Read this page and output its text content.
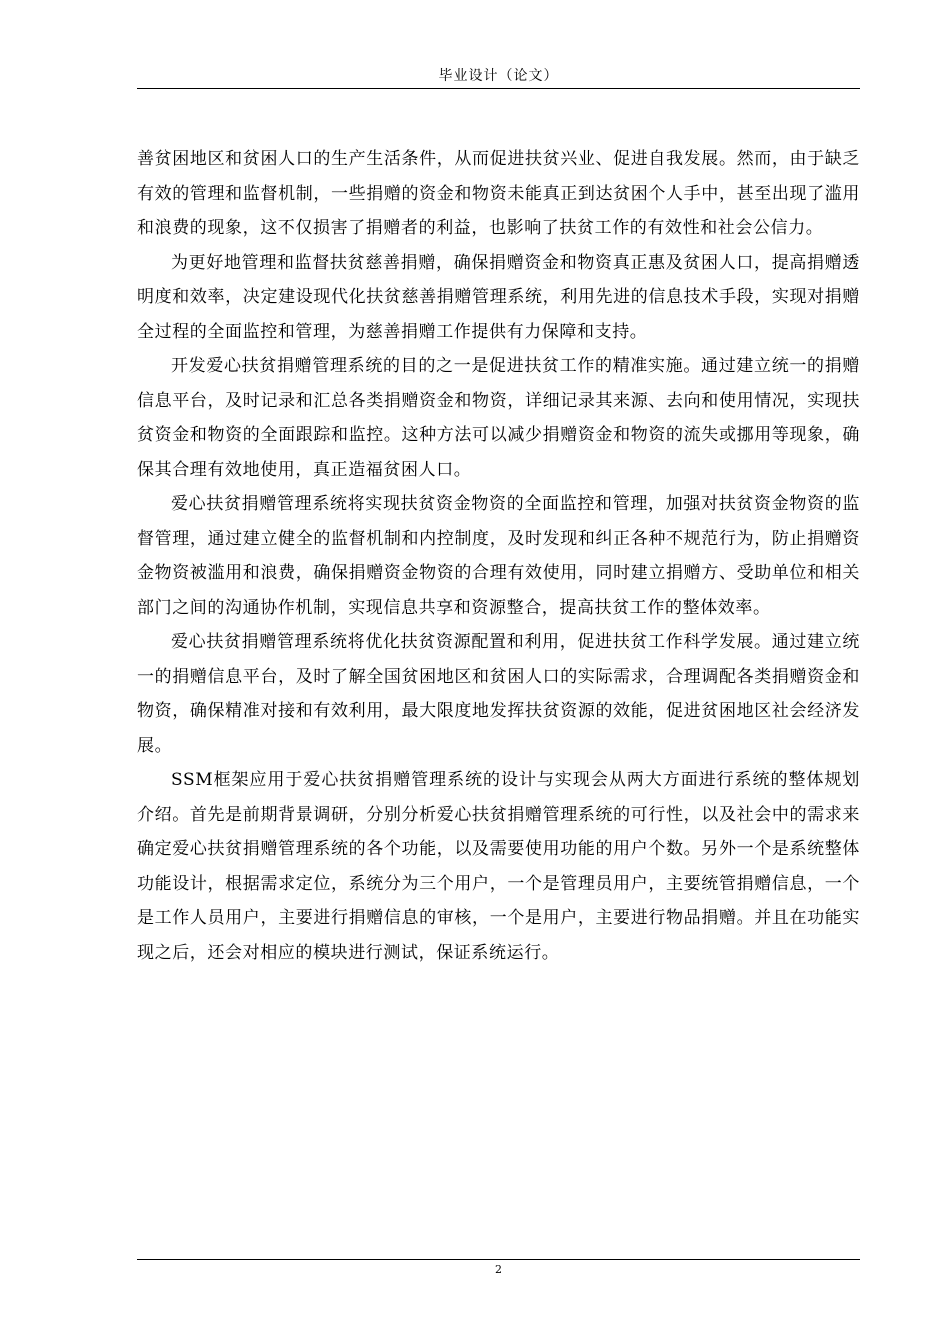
毕业设计（论文）

善贫困地区和贫困人口的生产生活条件，从而促进扶贫兴业、促进自我发展。然而，由于缺乏有效的管理和监督机制，一些捐赠的资金和物资未能真正到达贫困个人手中，甚至出现了滥用和浪费的现象，这不仅损害了捐赠者的利益，也影响了扶贫工作的有效性和社会公信力。

为更好地管理和监督扶贫慈善捐赠，确保捐赠资金和物资真正惠及贫困人口，提高捐赠透明度和效率，决定建设现代化扶贫慈善捐赠管理系统，利用先进的信息技术手段，实现对捐赠全过程的全面监控和管理，为慈善捐赠工作提供有力保障和支持。

开发爱心扶贫捐赠管理系统的目的之一是促进扶贫工作的精准实施。通过建立统一的捐赠信息平台，及时记录和汇总各类捐赠资金和物资，详细记录其来源、去向和使用情况，实现扶贫资金和物资的全面跟踪和监控。这种方法可以减少捐赠资金和物资的流失或挪用等现象，确保其合理有效地使用，真正造福贫困人口。

爱心扶贫捐赠管理系统将实现扶贫资金物资的全面监控和管理，加强对扶贫资金物资的监督管理，通过建立健全的监督机制和内控制度，及时发现和纠正各种不规范行为，防止捐赠资金物资被滥用和浪费，确保捐赠资金物资的合理有效使用，同时建立捐赠方、受助单位和相关部门之间的沟通协作机制，实现信息共享和资源整合，提高扶贫工作的整体效率。

爱心扶贫捐赠管理系统将优化扶贫资源配置和利用，促进扶贫工作科学发展。通过建立统一的捐赠信息平台，及时了解全国贫困地区和贫困人口的实际需求，合理调配各类捐赠资金和物资，确保精准对接和有效利用，最大限度地发挥扶贫资源的效能，促进贫困地区社会经济发展。

SSM框架应用于爱心扶贫捐赠管理系统的设计与实现会从两大方面进行系统的整体规划介绍。首先是前期背景调研，分别分析爱心扶贫捐赠管理系统的可行性，以及社会中的需求来确定爱心扶贫捐赠管理系统的各个功能，以及需要使用功能的用户个数。另外一个是系统整体功能设计，根据需求定位，系统分为三个用户，一个是管理员用户，主要统管捐赠信息，一个是工作人员用户，主要进行捐赠信息的审核，一个是用户，主要进行物品捐赠。并且在功能实现之后，还会对相应的模块进行测试，保证系统运行。

2
